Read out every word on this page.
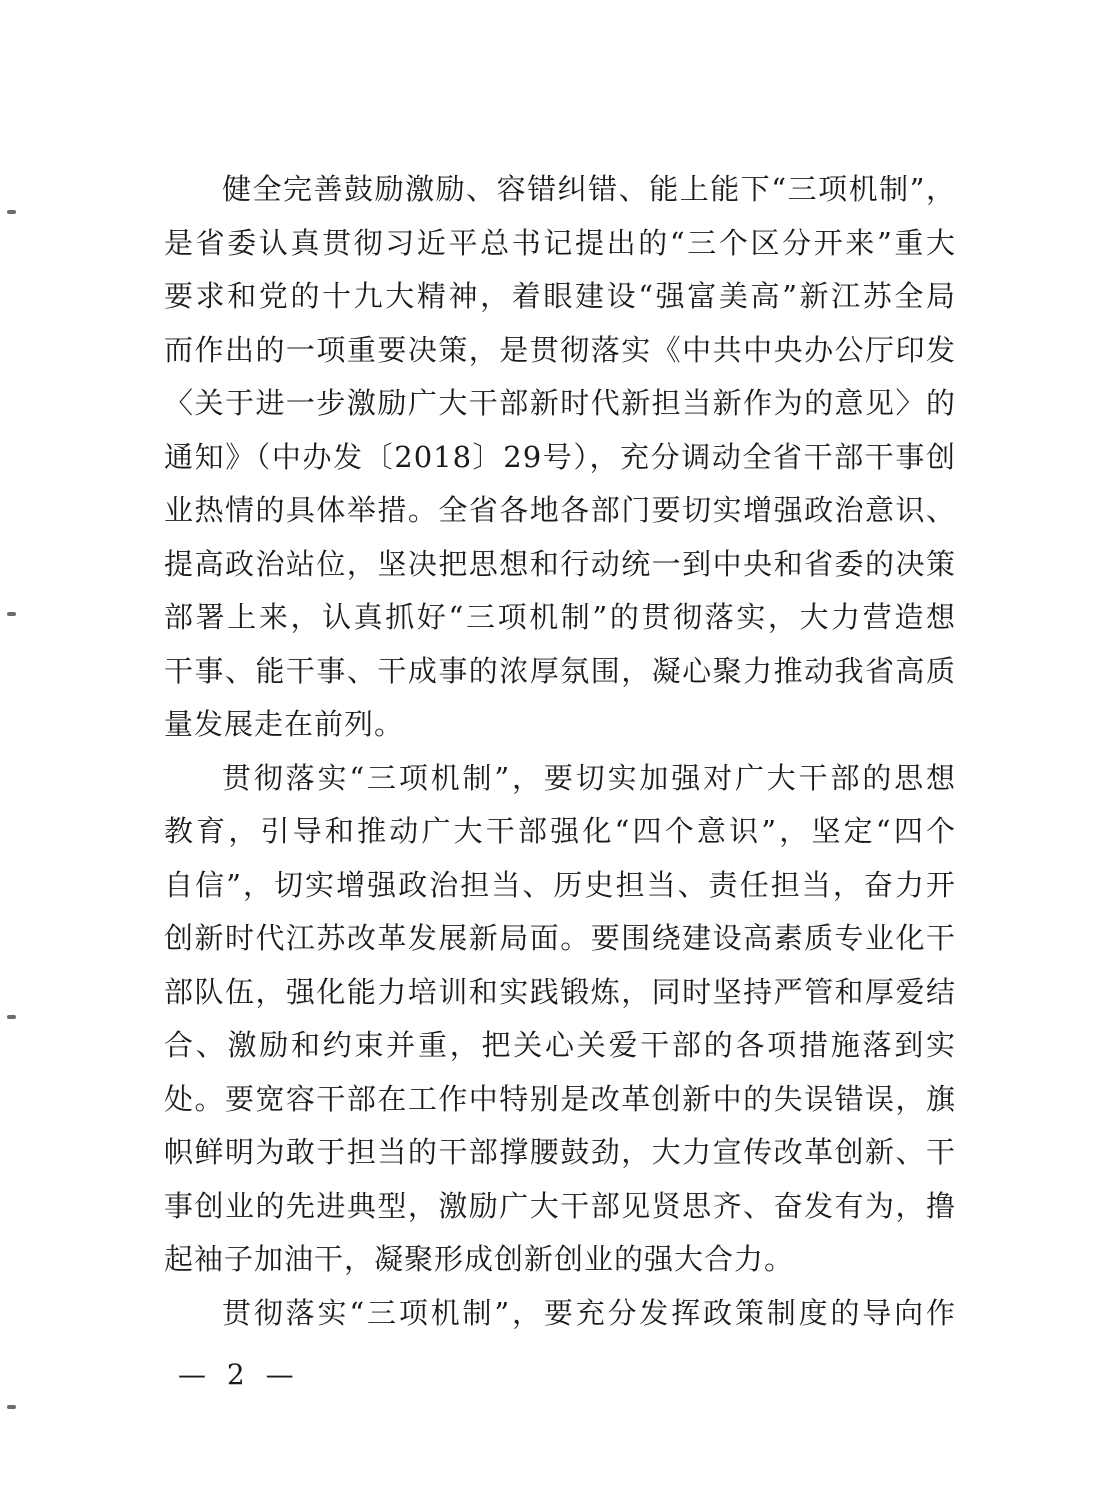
健全完善鼓励激励、容错纠错、能上能下“三项机制”，
是省委认真贯彻习近平总书记提出的“三个区分开来”重大
要求和党的十九大精神，着眼建设“强富美高”新江苏全局
而作出的一项重要决策，是贯彻落实《中共中央办公厅印发
〈关于进一步激励广大干部新时代新担当新作为的意见〉的
通知》（中办发〔2018〕29号），充分调动全省干部干事创
业热情的具体举措。全省各地各部门要切实增强政治意识、
提高政治站位，坚决把思想和行动统一到中央和省委的决策
部署上来，认真抓好“三项机制”的贯彻落实，大力营造想
干事、能干事、干成事的浓厚氛围，凝心聚力推动我省高质
量发展走在前列。
贯彻落实“三项机制”，要切实加强对广大干部的思想
教育，引导和推动广大干部强化“四个意识”，坚定“四个
自信”，切实增强政治担当、历史担当、责任担当，奋力开
创新时代江苏改革发展新局面。要围绕建设高素质专业化干
部队伍，强化能力培训和实践锻炼，同时坚持严管和厚爱结
合、激励和约束并重，把关心关爱干部的各项措施落到实
处。要宽容干部在工作中特别是改革创新中的失误错误，旗
帜鲜明为敢于担当的干部撑腰鼓劲，大力宣传改革创新、干
事创业的先进典型，激励广大干部见贤思齐、奋发有为，撸
起袖子加油干，凝聚形成创新创业的强大合力。
贯彻落实“三项机制”，要充分发挥政策制度的导向作
— 2 —
